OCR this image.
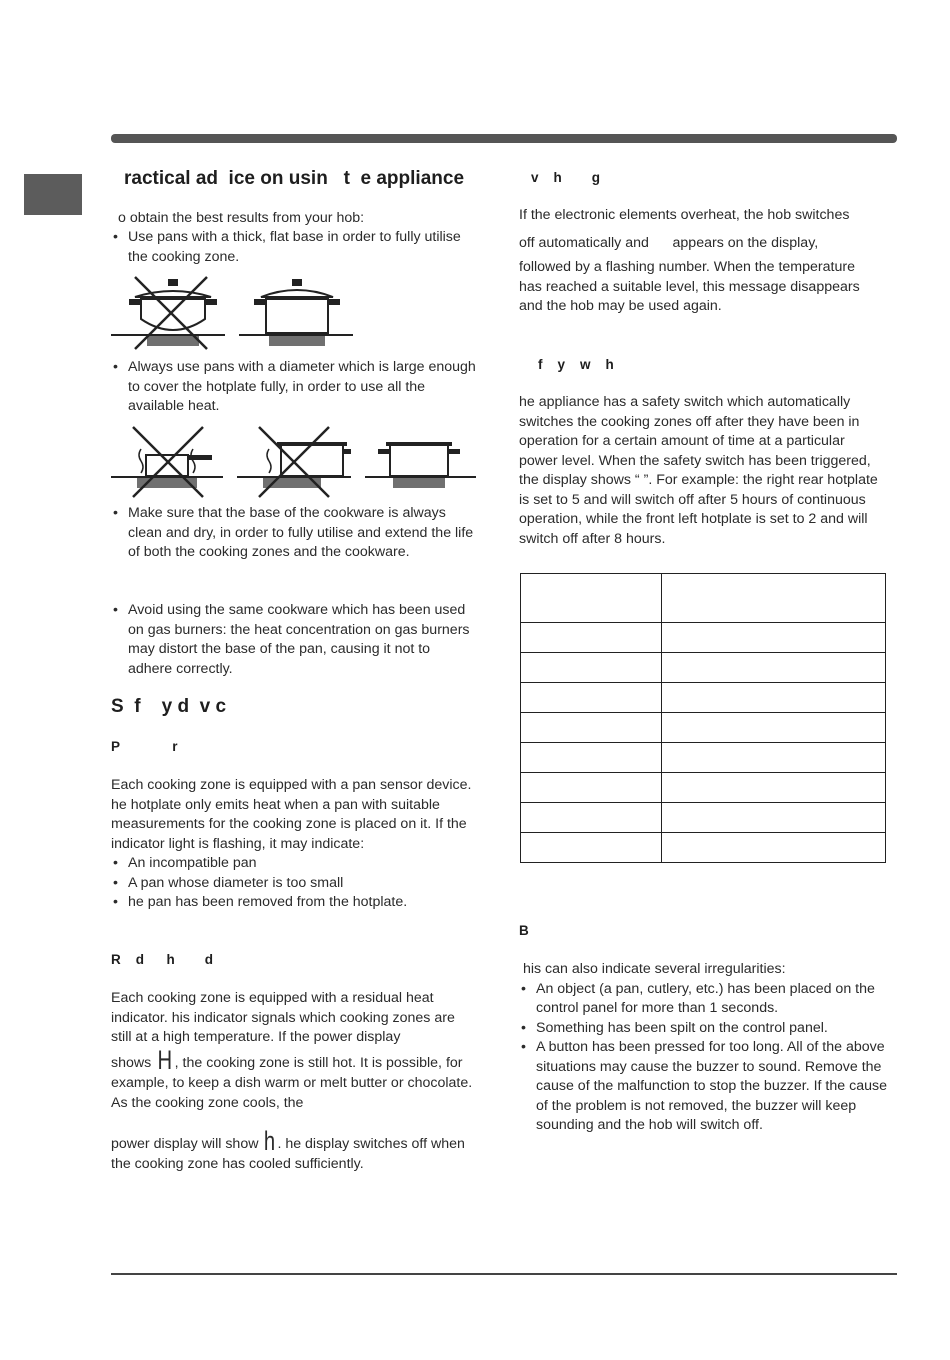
ractical ad  ice on usin   t  e appliance
o obtain the best results from your hob:
• Use pans with a thick, flat base in order to fully utilise the cooking zone.
• Always use pans with a diameter which is large enough to cover the hotplate fully, in order to use all the available heat.
• Make sure that the base of the cookware is always clean and dry, in order to fully utilise and extend the life of both the cooking zones and the cookware.
• Avoid using the same cookware which has been used on gas burners: the heat concentration on gas burners may distort the base of the pan, causing it not to adhere correctly.
S  f    y d  v c
P              r

Each cooking zone is equipped with a pan sensor device. he hotplate only emits heat when a pan with suitable measurements for the cooking zone is placed on it. If the indicator light is flashing, it may indicate:

• An incompatible pan
• A pan whose diameter is too small
• he pan has been removed from the hotplate.
R    d      h        d

Each cooking zone is equipped with a residual heat indicator. his indicator signals which cooking zones are still at a high temperature. If the power display

shows H , the cooking zone is still hot. It is possible, for example, to keep a dish warm or melt butter or chocolate. As the cooking zone cools, the

power display will show h . he display switches off when the cooking zone has cooled sufficiently.

v    h        g
If the electronic elements overheat, the hob switches
off automatically and      appears on the display,
followed by a flashing number. When the temperature has reached a suitable level, this message disappears and the hob may be used again.
f    y    w    h
he appliance has a safety switch which automatically switches the cooking zones off after they have been in operation for a certain amount of time at a particular power level. When the safety switch has been triggered, the display shows “ ”. For example: the right rear hotplate is set to 5 and will switch off after 5 hours of continuous operation, while the front left hotplate is set to 2 and will switch off after 8 hours.

B

his can also indicate several irregularities:

• An object (a pan, cutlery, etc.) has been placed on the control panel for more than 1 seconds.
• Something has been spilt on the control panel.
• A button has been pressed for too long. All of the above situations may cause the buzzer to sound. Remove the cause of the malfunction to stop the buzzer. If the cause of the problem is not removed, the buzzer will keep sounding and the hob will switch off.
